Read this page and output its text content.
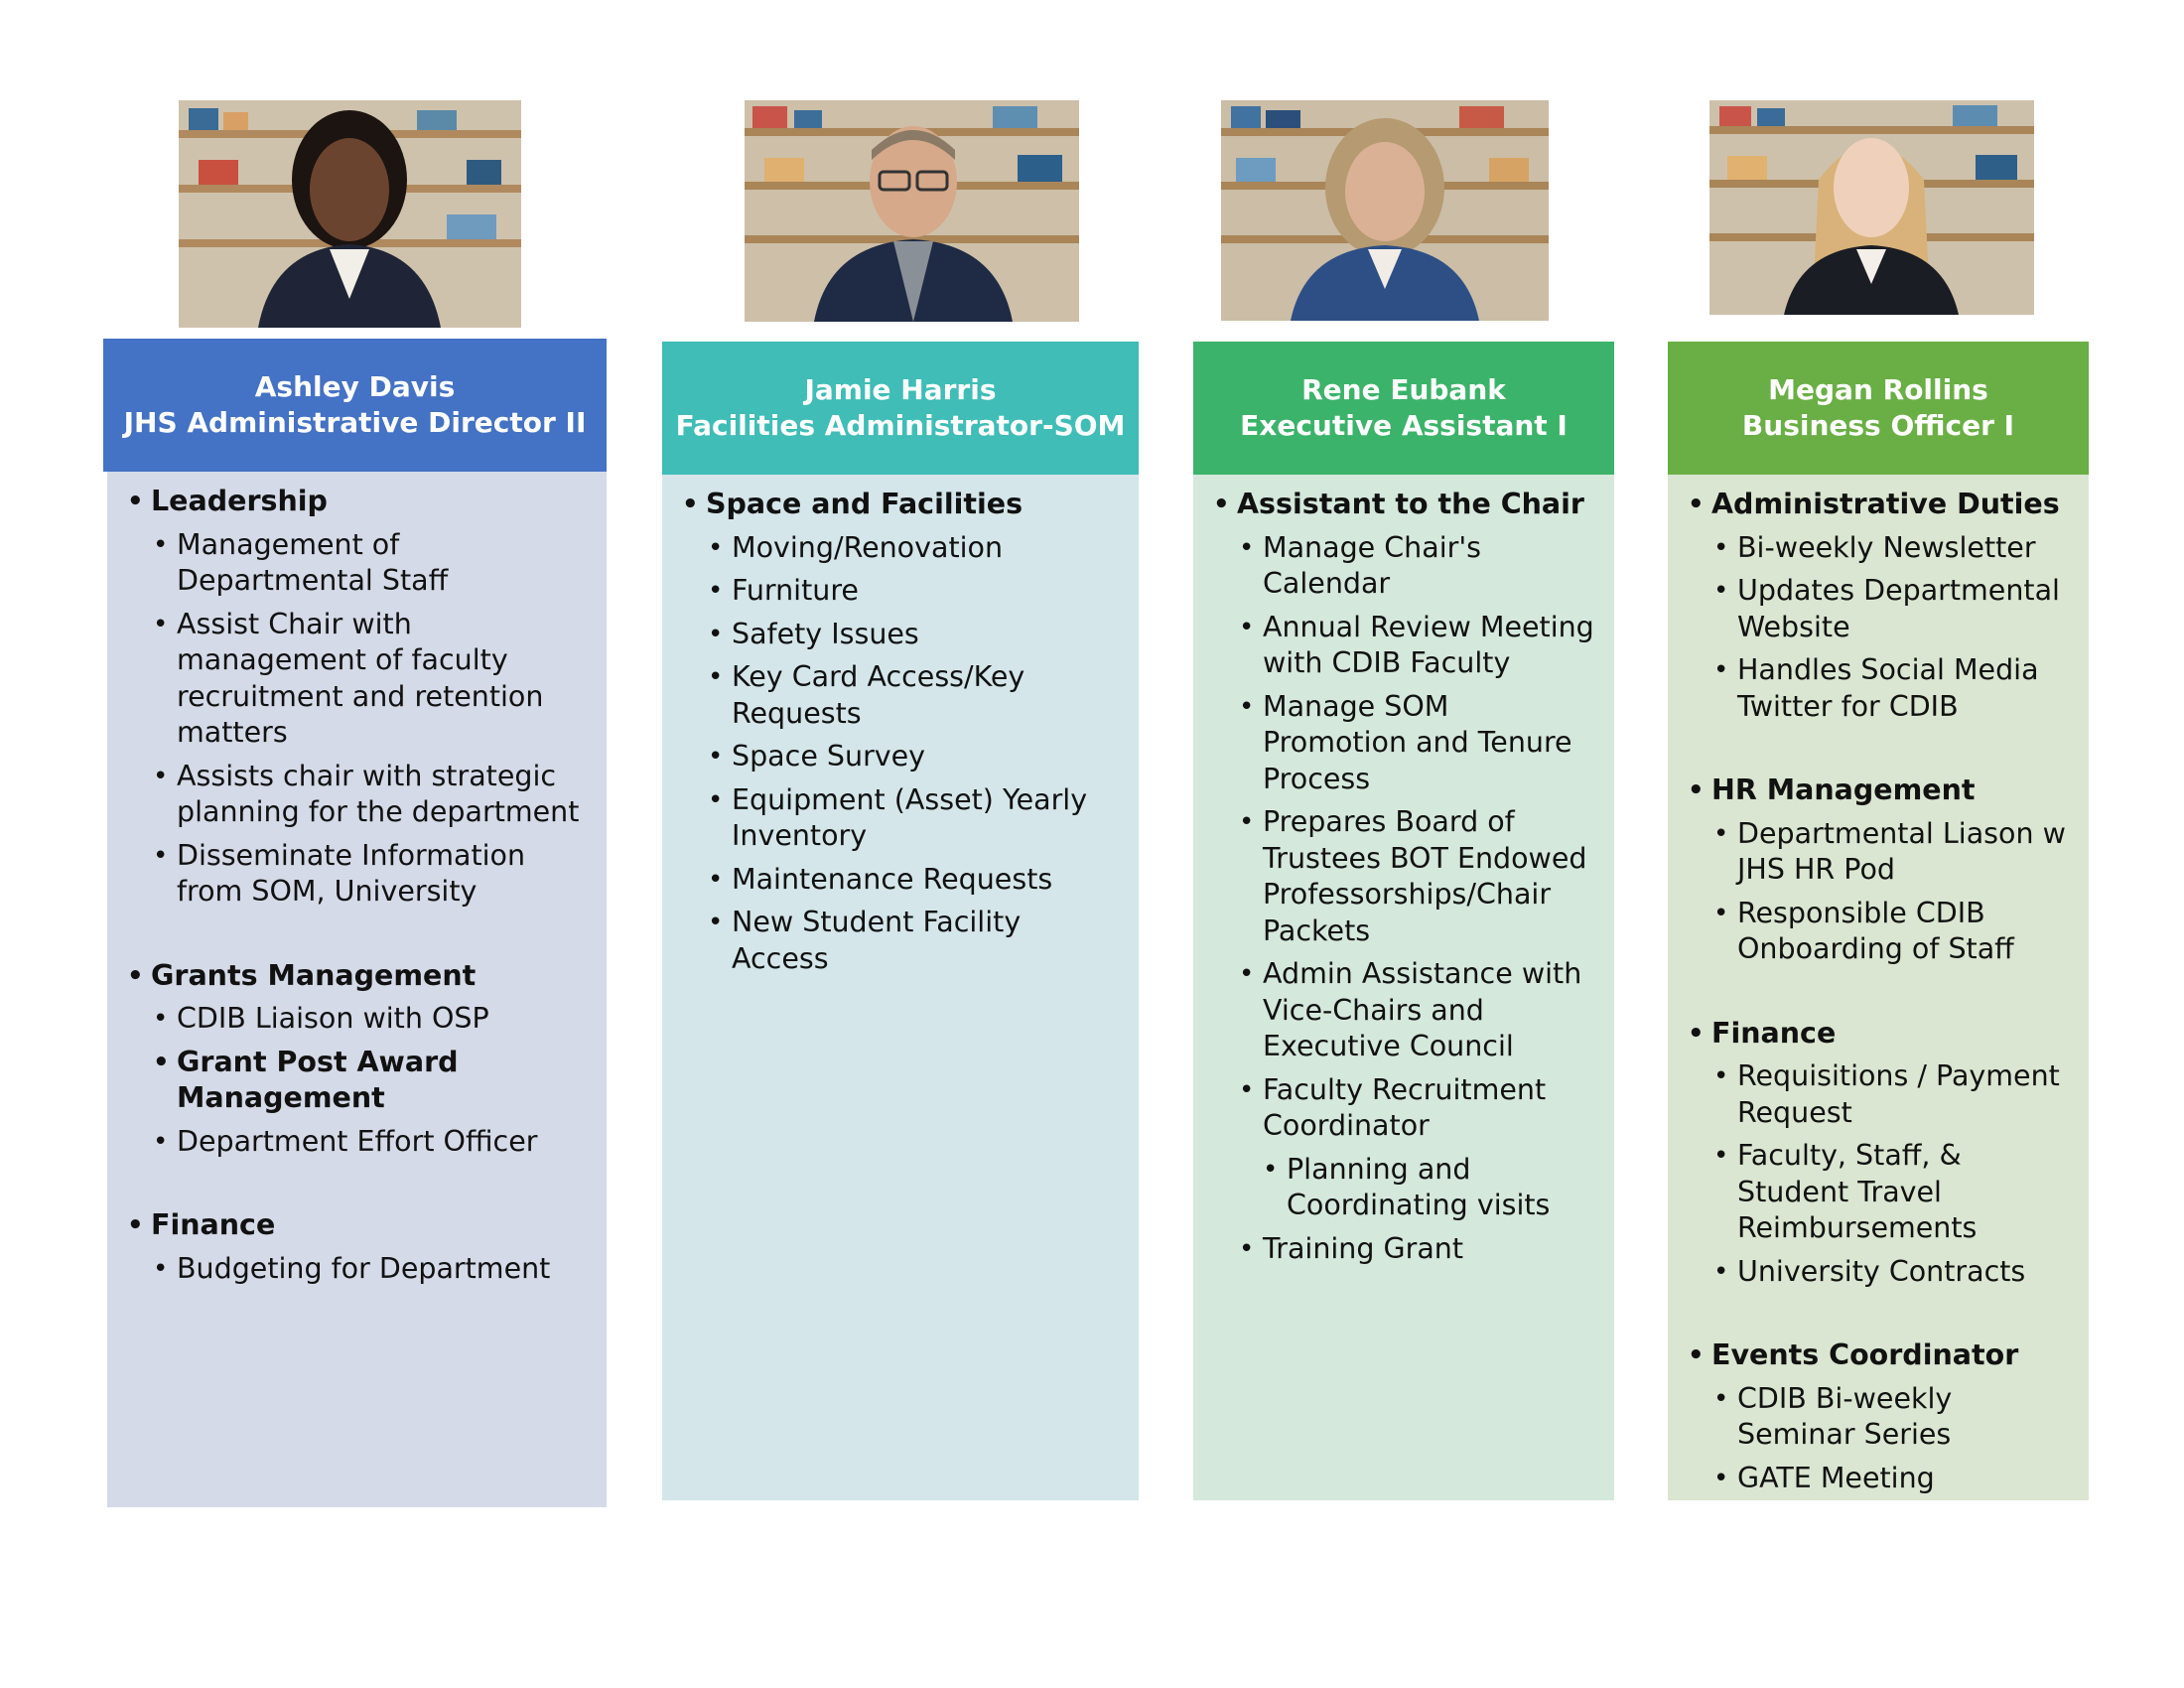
Ashley Davis
JHS Administrative Director II
• Leadership
• Management of Departmental Staff
• Assist Chair with management of faculty recruitment and retention matters
• Assists chair with strategic planning for the department
• Disseminate Information from SOM, University
• Grants Management
• CDIB Liaison with OSP
• Grant Post Award Management
• Department Effort Officer
• Finance
• Budgeting for Department
Jamie Harris
Facilities Administrator-SOM
• Space and Facilities
• Moving/Renovation
• Furniture
• Safety Issues
• Key Card Access/Key Requests
• Space Survey
• Equipment (Asset) Yearly Inventory
• Maintenance Requests
• New Student Facility Access
Rene Eubank
Executive Assistant I
• Assistant to the Chair
• Manage Chair's Calendar
• Annual Review Meeting with CDIB Faculty
• Manage SOM Promotion and Tenure Process
• Prepares Board of Trustees BOT Endowed Professorships/Chair Packets
• Admin Assistance with Vice-Chairs and Executive Council
• Faculty Recruitment Coordinator
• Planning and Coordinating visits
• Training Grant
Megan Rollins
Business Officer I
• Administrative Duties
• Bi-weekly Newsletter
• Updates Departmental Website
• Handles Social Media Twitter for CDIB
• HR Management
• Departmental Liason w JHS HR Pod
• Responsible CDIB Onboarding of Staff
• Finance
• Requisitions / Payment Request
• Faculty, Staff, & Student Travel Reimbursements
• University Contracts
• Events Coordinator
• CDIB Bi-weekly Seminar Series
• GATE Meeting
